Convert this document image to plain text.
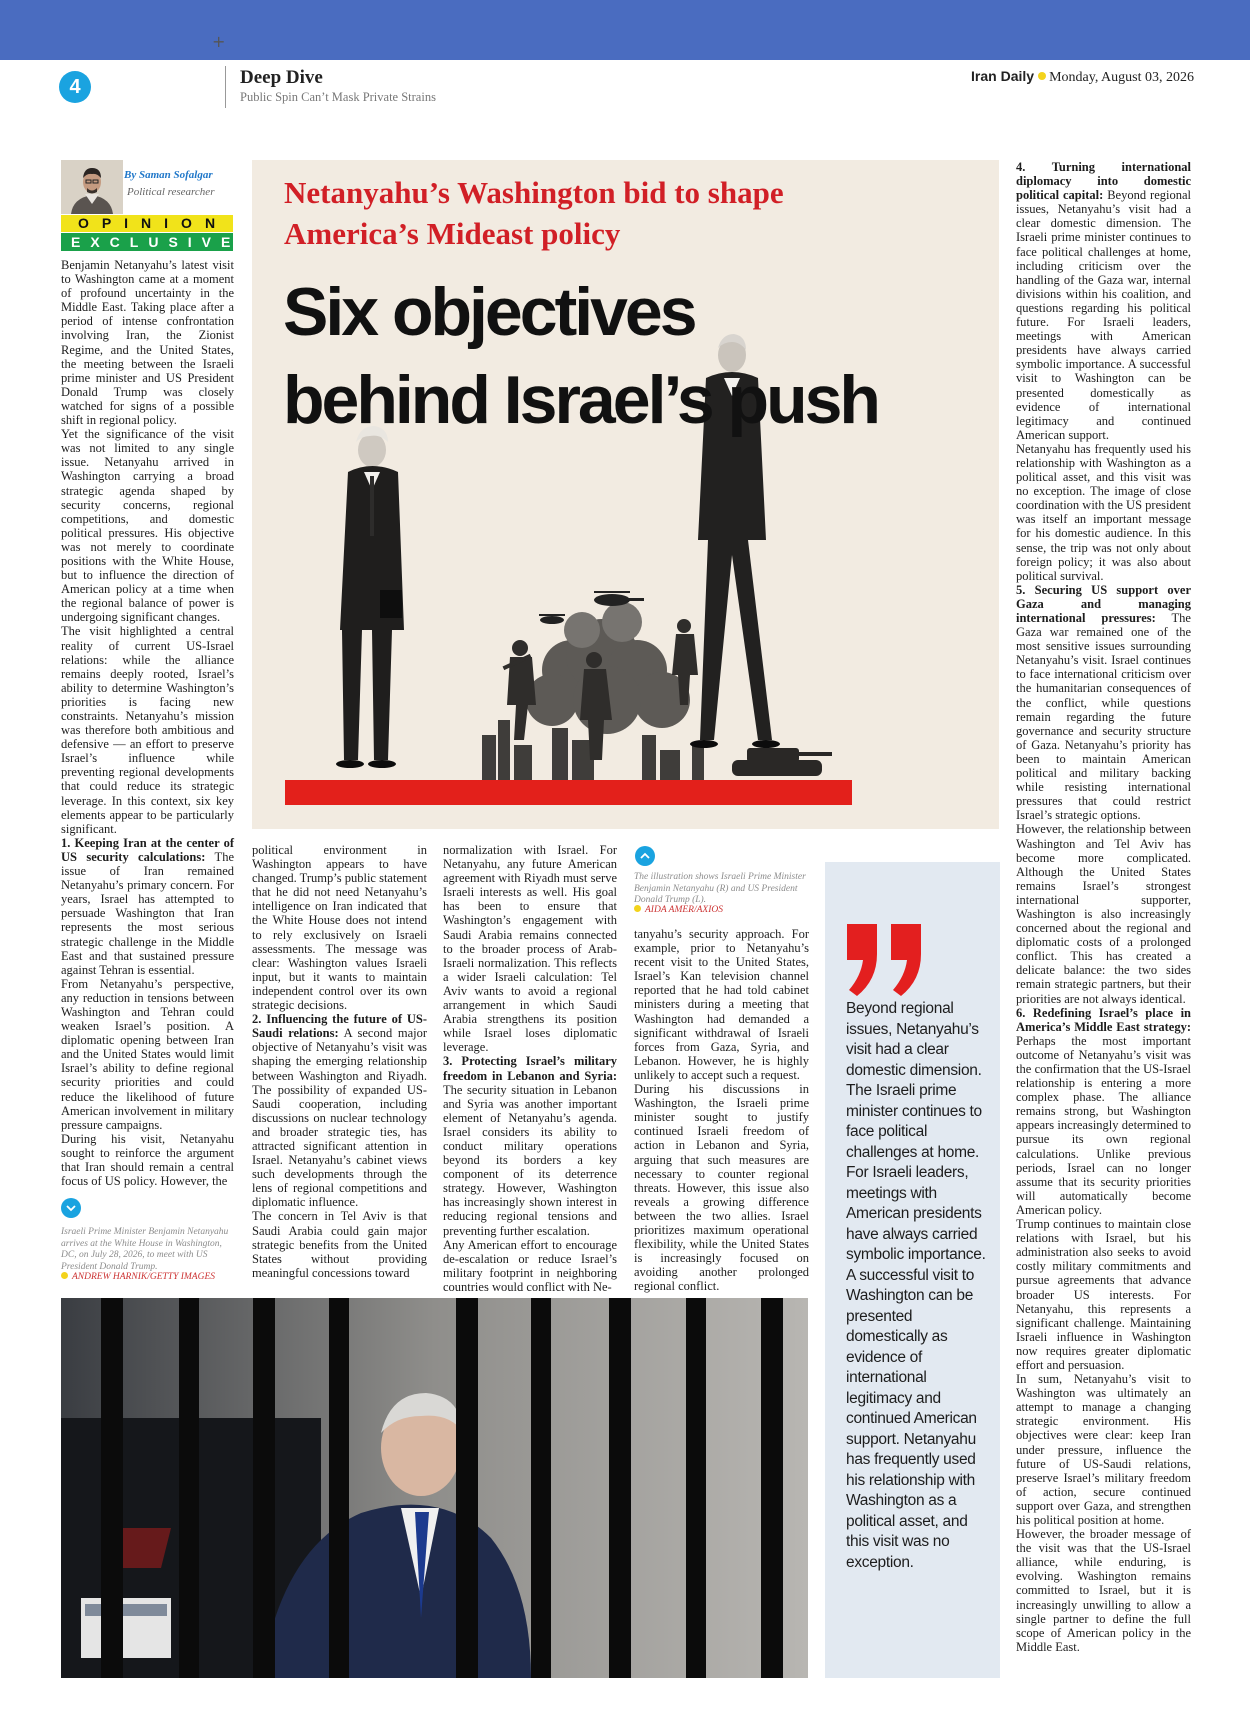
+
4	Deep Dive
Public Spin Can’t Mask Private Strains
Iran Daily Monday, August 03, 2026
By Saman Sofalgar
Political researcher
OPINION
EXCLUSIVE
Netanyahu’s Washington bid to shape
America’s Mideast policy
Six objectives
behind Israel’s push
The illustration shows Israeli Prime Minister Benjamin Netanyahu (R) and US President Donald Trump (L).
AIDA AMER/AXIOS
Israeli Prime Minister Benjamin Netanyahu arrives at the White House in Washington, DC, on July 28, 2026, to meet with US President Donald Trump.
ANDREW HARNIK/GETTY IMAGES

Benjamin Netanyahu’s latest visit to Washington came at a moment of profound uncertainty in the Middle East. Taking place after a period of intense confrontation involving Iran, the Zionist Regime, and the United States, the meeting between the Israeli prime minister and US President Donald Trump was closely watched for signs of a possible shift in regional policy.

Yet the significance of the visit was not limited to any single issue. Netanyahu arrived in Washington carrying a broad strategic agenda shaped by security concerns, regional competitions, and domestic political pressures. His objective was not merely to coordinate positions with the White House, but to influence the direction of American policy at a time when the regional balance of power is undergoing significant changes.

The visit highlighted a central reality of current US-Israel relations: while the alliance remains deeply rooted, Israel’s ability to determine Washington’s priorities is facing new constraints. Netanyahu’s mission was therefore both ambitious and defensive — an effort to preserve Israel’s influence while preventing regional developments that could reduce its strategic leverage. In this context, six key elements appear to be particularly significant.

1. Keeping Iran at the center of US security calculations: The issue of Iran remained Netanyahu’s primary concern. For years, Israel has attempted to persuade Washington that Iran represents the most serious strategic challenge in the Middle East and that sustained pressure against Tehran is essential.

From Netanyahu’s perspective, any reduction in tensions between Washington and Tehran could weaken Israel’s position. A diplomatic opening between Iran and the United States would limit Israel’s ability to define regional security priorities and could reduce the likelihood of future American involvement in military pressure campaigns.

During his visit, Netanyahu sought to reinforce the argument that Iran should remain a central focus of US policy. However, the

political environment in Washington appears to have changed. Trump’s public statement that he did not need Netanyahu’s intelligence on Iran indicated that the White House does not intend to rely exclusively on Israeli assessments. The message was clear: Washington values Israeli input, but it wants to maintain independent control over its own strategic decisions.

2. Influencing the future of US-Saudi relations: A second major objective of Netanyahu’s visit was shaping the emerging relationship between Washington and Riyadh. The possibility of expanded US-Saudi cooperation, including discussions on nuclear technology and broader strategic ties, has attracted significant attention in Israel. Netanyahu’s cabinet views such developments through the lens of regional competitions and diplomatic influence.

The concern in Tel Aviv is that Saudi Arabia could gain major strategic benefits from the United States without providing meaningful concessions toward

normalization with Israel. For Netanyahu, any future American agreement with Riyadh must serve Israeli interests as well. His goal has been to ensure that Washington’s engagement with Saudi Arabia remains connected to the broader process of Arab-Israeli normalization. This reflects a wider Israeli calculation: Tel Aviv wants to avoid a regional arrangement in which Saudi Arabia strengthens its position while Israel loses diplomatic leverage.

3. Protecting Israel’s military freedom in Lebanon and Syria: The security situation in Lebanon and Syria was another important element of Netanyahu’s agenda. Israel considers its ability to conduct military operations beyond its borders a key component of its deterrence strategy. However, Washington has increasingly shown interest in reducing regional tensions and preventing further escalation.

Any American effort to encourage de-escalation or reduce Israel’s military footprint in neighboring countries would conflict with Ne-

tanyahu’s security approach. For example, prior to Netanyahu’s recent visit to the United States, Israel’s Kan television channel reported that he had told cabinet ministers during a meeting that Washington had demanded a significant withdrawal of Israeli forces from Gaza, Syria, and Lebanon. However, he is highly unlikely to accept such a request.

During his discussions in Washington, the Israeli prime minister sought to justify continued Israeli freedom of action in Lebanon and Syria, arguing that such measures are necessary to counter regional threats. However, this issue also reveals a growing difference between the two allies. Israel prioritizes maximum operational flexibility, while the United States is increasingly focused on avoiding another prolonged regional conflict.

4. Turning international diplomacy into domestic political capital: Beyond regional issues, Netanyahu’s visit had a clear domestic dimension. The Israeli prime minister continues to face political challenges at home, including criticism over the handling of the Gaza war, internal divisions within his coalition, and questions regarding his political future. For Israeli leaders, meetings with American presidents have always carried symbolic importance. A successful visit to Washington can be presented domestically as evidence of international legitimacy and continued American support.

Netanyahu has frequently used his relationship with Washington as a political asset, and this visit was no exception. The image of close coordination with the US president was itself an important message for his domestic audience. In this sense, the trip was not only about foreign policy; it was also about political survival.

5. Securing US support over Gaza and managing international pressures: The Gaza war remained one of the most sensitive issues surrounding Netanyahu’s visit. Israel continues to face international criticism over the humanitarian consequences of the conflict, while questions remain regarding the future governance and security structure of Gaza. Netanyahu’s priority has been to maintain American political and military backing while resisting international pressures that could restrict Israel’s strategic options.

However, the relationship between Washington and Tel Aviv has become more complicated. Although the United States remains Israel’s strongest international supporter, Washington is also increasingly concerned about the regional and diplomatic costs of a prolonged conflict. This has created a delicate balance: the two sides remain strategic partners, but their priorities are not always identical.

6. Redefining Israel’s place in America’s Middle East strategy: Perhaps the most important outcome of Netanyahu’s visit was the confirmation that the US-Israel relationship is entering a more complex phase. The alliance remains strong, but Washington appears increasingly determined to pursue its own regional calculations. Unlike previous periods, Israel can no longer assume that its security priorities will automatically become American policy.

Trump continues to maintain close relations with Israel, but his administration also seeks to avoid costly military commitments and pursue agreements that advance broader US interests. For Netanyahu, this represents a significant challenge. Maintaining Israeli influence in Washington now requires greater diplomatic effort and persuasion.

In sum, Netanyahu’s visit to Washington was ultimately an attempt to manage a changing strategic environment. His objectives were clear: keep Iran under pressure, influence the future of US-Saudi relations, preserve Israel’s military freedom of action, secure continued support over Gaza, and strengthen his political position at home.

However, the broader message of the visit was that the US-Israel alliance, while enduring, is evolving. Washington remains committed to Israel, but it is increasingly unwilling to allow a single partner to define the full scope of American policy in the Middle East.

Beyond regional issues, Netanyahu’s visit had a clear domestic dimension. The Israeli prime minister continues to face political challenges at home. For Israeli leaders, meetings with American presidents have always carried symbolic importance. A successful visit to Washington can be presented domestically as evidence of international legitimacy and continued American support. Netanyahu has frequently used his relationship with Washington as a political asset, and this visit was no exception.
